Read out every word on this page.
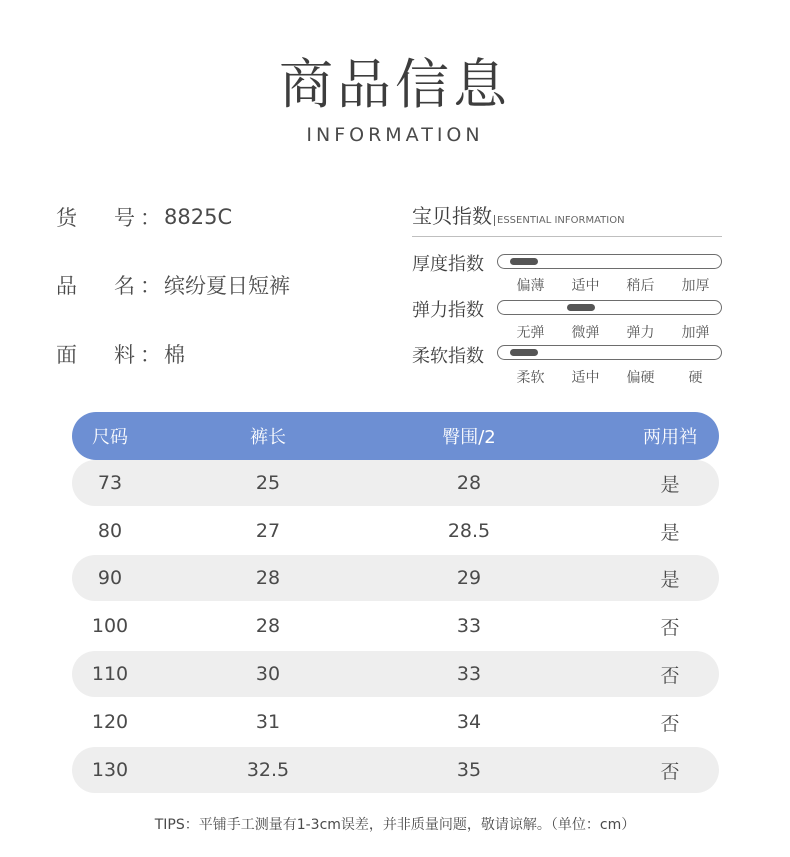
商品信息
INFORMATION
货	号 ： 8825C
品	名 ： 缤纷夏日短裤
面	料 ： 棉
宝贝指数 ESSENTIAL INFORMATION
厚度指数
偏薄	适中	稍后	加厚
弹力指数
无弹	微弹	弹力	加弹
柔软指数
柔软	适中	偏硬	硬
尺码	裤长	臀围/2	两用裆
73	25	28	是
80	27	28.5	是
90	28	29	是
100	28	33	否
110	30	33	否
120	31	34	否
130	32.5	35	否
TIPS：平铺手工测量有1-3cm误差，并非质量问题，敬请谅解。（单位：cm）
